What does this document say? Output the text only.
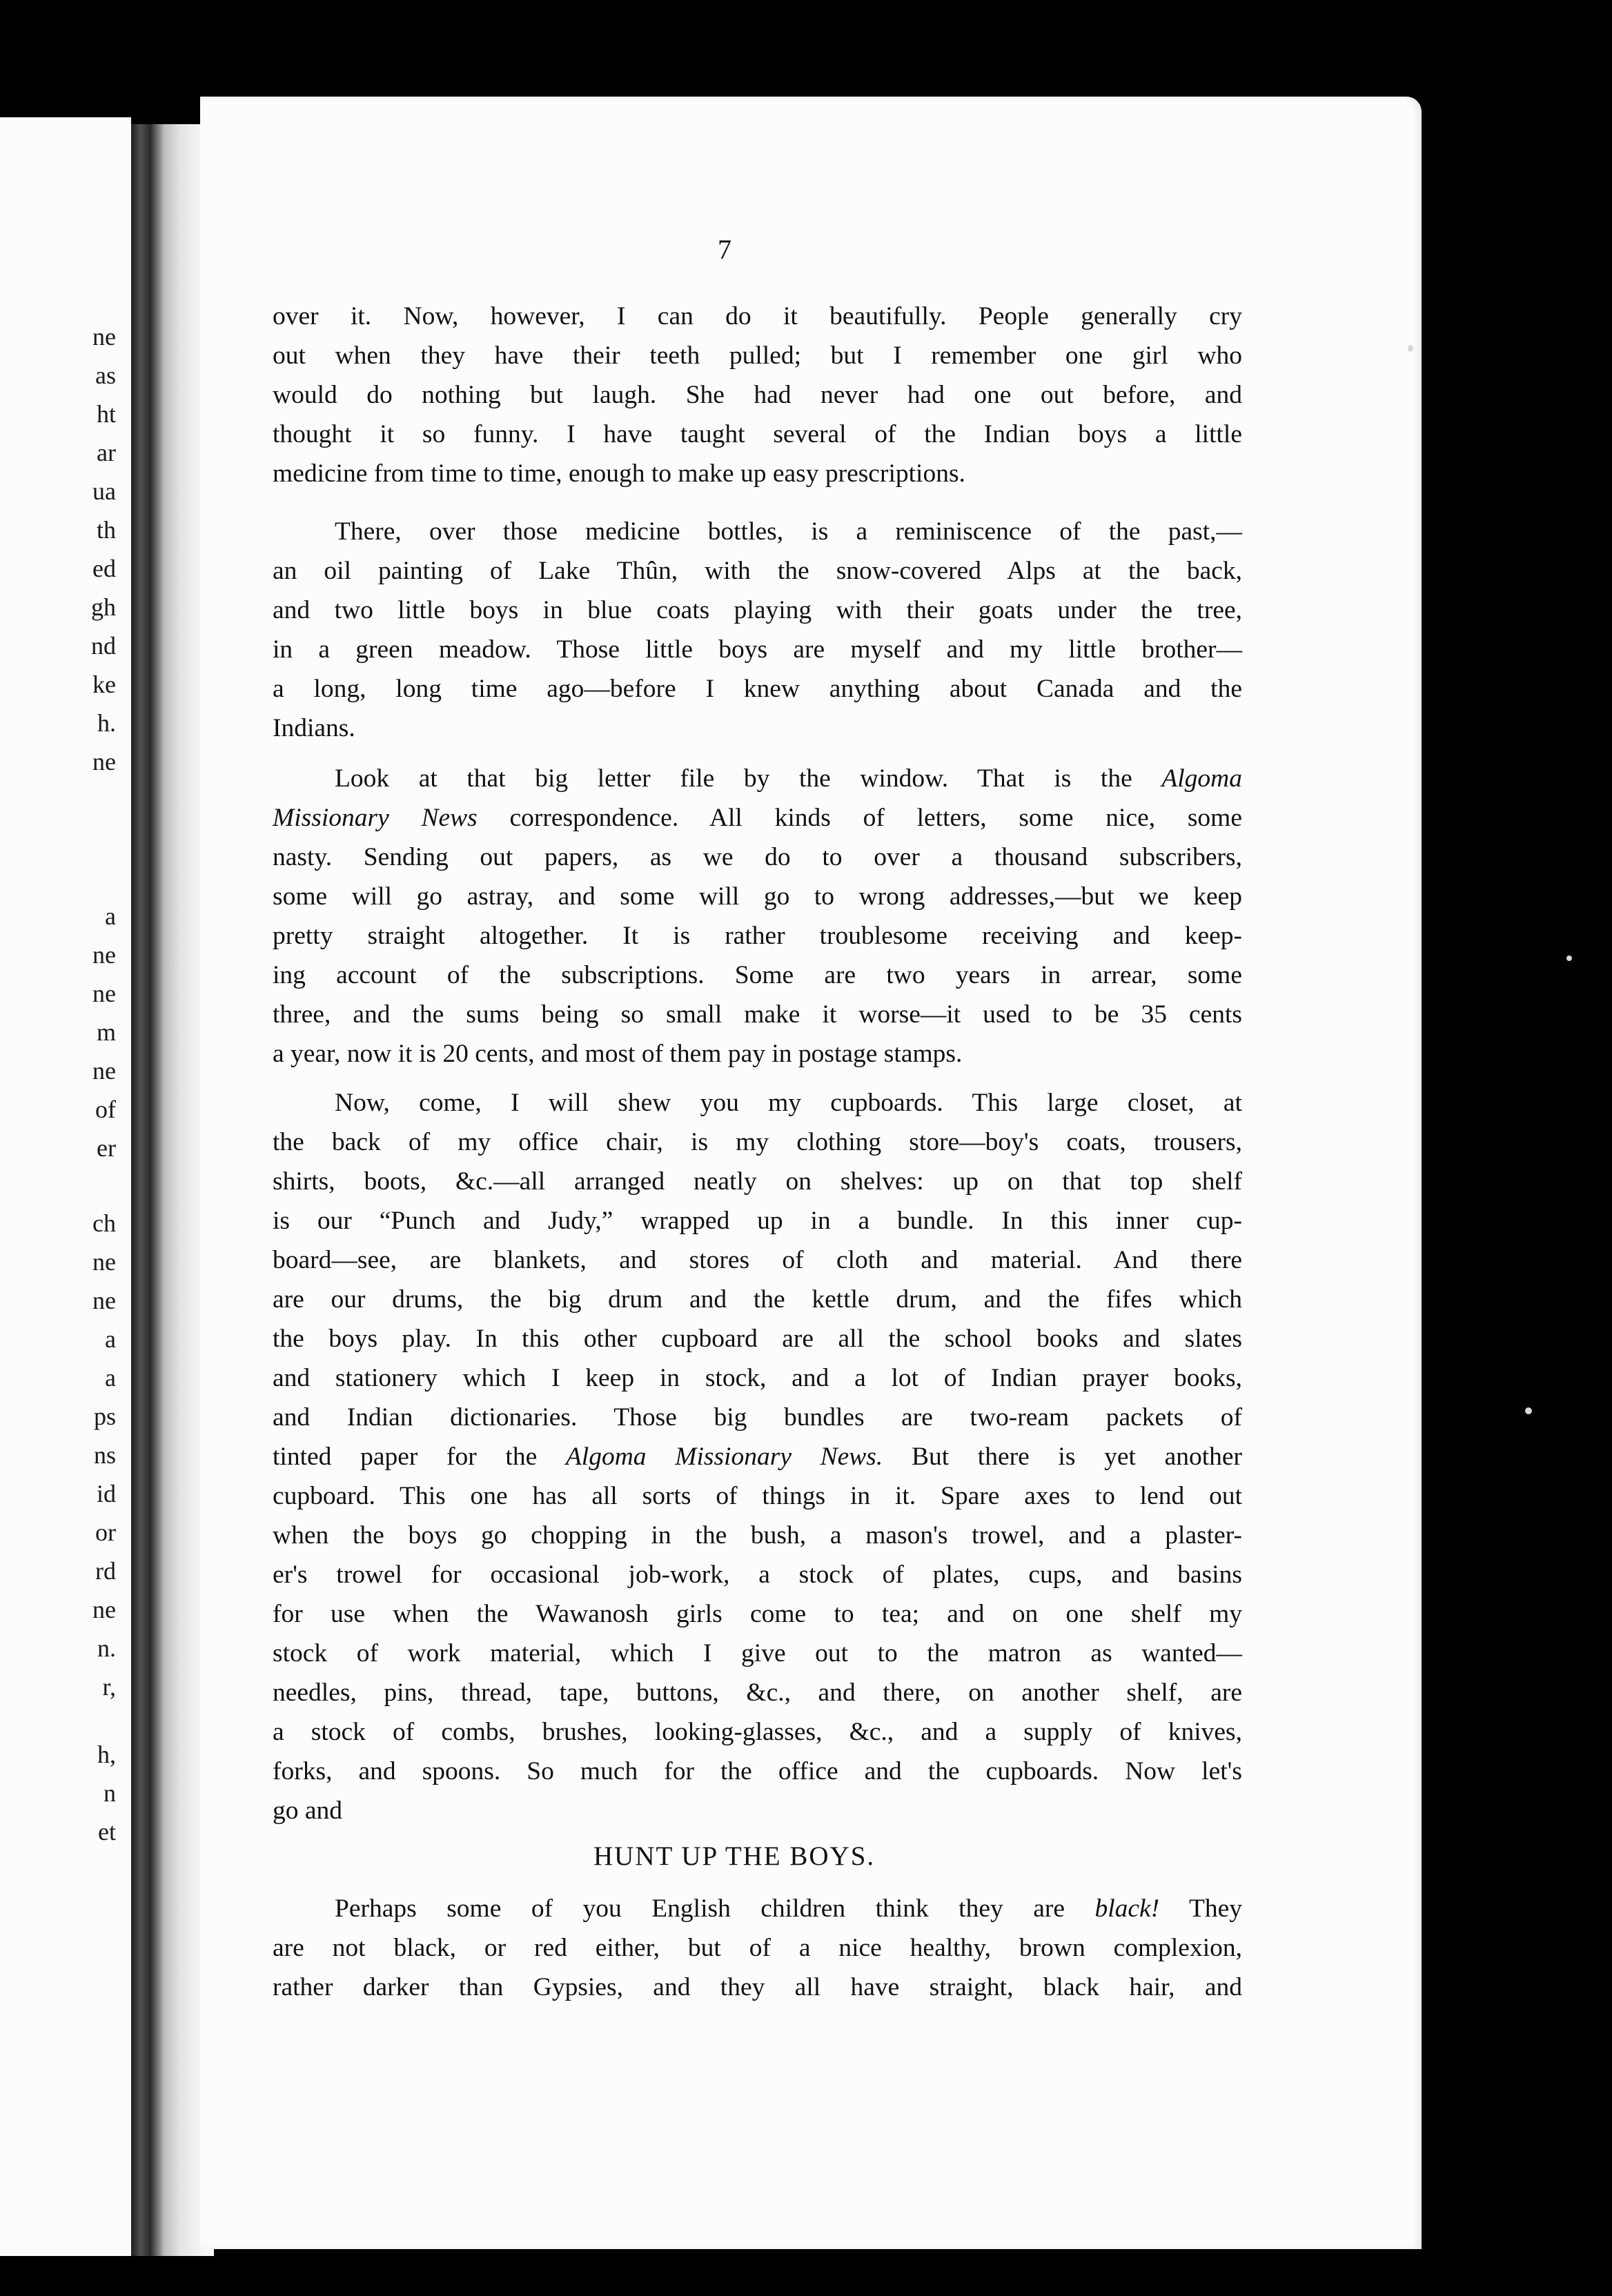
ne
as
ht
ar
ua
th
ed
gh
nd
ke
h.
ne
a
ne
ne
m
ne
of
er
ch
ne
ne
a
a
ps
ns
id
or
rd
ne
n.
r,
h,
n
et
7
over it. Now, however, I can do it beautifully. People generally cry
out when they have their teeth pulled; but I remember one girl who
would do nothing but laugh. She had never had one out before, and
thought it so funny. I have taught several of the Indian boys a little
medicine from time to time, enough to make up easy prescriptions.
There, over those medicine bottles, is a reminiscence of the past,—
an oil painting of Lake Thûn, with the snow-covered Alps at the back,
and two little boys in blue coats playing with their goats under the tree,
in a green meadow. Those little boys are myself and my little brother—
a long, long time ago—before I knew anything about Canada and the
Indians.
Look at that big letter file by the window. That is the Algoma
Missionary News correspondence. All kinds of letters, some nice, some
nasty. Sending out papers, as we do to over a thousand subscribers,
some will go astray, and some will go to wrong addresses,—but we keep
pretty straight altogether. It is rather troublesome receiving and keep-
ing account of the subscriptions. Some are two years in arrear, some
three, and the sums being so small make it worse—it used to be 35 cents
a year, now it is 20 cents, and most of them pay in postage stamps.
Now, come, I will shew you my cupboards. This large closet, at
the back of my office chair, is my clothing store—boy's coats, trousers,
shirts, boots, &c.—all arranged neatly on shelves: up on that top shelf
is our “Punch and Judy,” wrapped up in a bundle. In this inner cup-
board—see, are blankets, and stores of cloth and material. And there
are our drums, the big drum and the kettle drum, and the fifes which
the boys play. In this other cupboard are all the school books and slates
and stationery which I keep in stock, and a lot of Indian prayer books,
and Indian dictionaries. Those big bundles are two-ream packets of
tinted paper for the Algoma Missionary News. But there is yet another
cupboard. This one has all sorts of things in it. Spare axes to lend out
when the boys go chopping in the bush, a mason's trowel, and a plaster-
er's trowel for occasional job-work, a stock of plates, cups, and basins
for use when the Wawanosh girls come to tea; and on one shelf my
stock of work material, which I give out to the matron as wanted—
needles, pins, thread, tape, buttons, &c., and there, on another shelf, are
a stock of combs, brushes, looking-glasses, &c., and a supply of knives,
forks, and spoons. So much for the office and the cupboards. Now let's
go and
HUNT UP THE BOYS.
Perhaps some of you English children think they are black! They
are not black, or red either, but of a nice healthy, brown complexion,
rather darker than Gypsies, and they all have straight, black hair, and
